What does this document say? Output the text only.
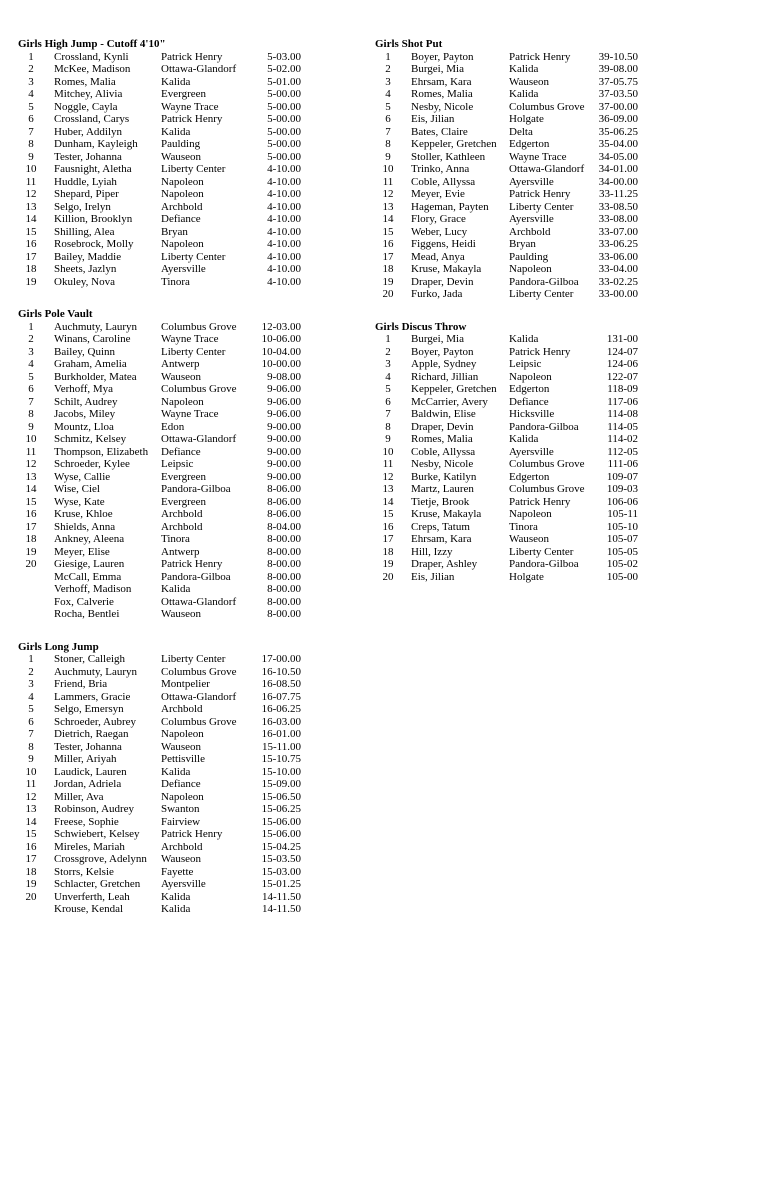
Girls High Jump - Cutoff 4'10"
1	Crossland, Kynli	Patrick Henry	5-03.00
2	McKee, Madison	Ottawa-Glandorf	5-02.00
3	Romes, Malia	Kalida	5-01.00
4	Mitchey, Alivia	Evergreen	5-00.00
5	Noggle, Cayla	Wayne Trace	5-00.00
6	Crossland, Carys	Patrick Henry	5-00.00
7	Huber, Addilyn	Kalida	5-00.00
8	Dunham, Kayleigh	Paulding	5-00.00
9	Tester, Johanna	Wauseon	5-00.00
10	Fausnight, Aletha	Liberty Center	4-10.00
11	Huddle, Lyiah	Napoleon	4-10.00
12	Shepard, Piper	Napoleon	4-10.00
13	Selgo, Irelyn	Archbold	4-10.00
14	Killion, Brooklyn	Defiance	4-10.00
15	Shilling, Alea	Bryan	4-10.00
16	Rosebrock, Molly	Napoleon	4-10.00
17	Bailey, Maddie	Liberty Center	4-10.00
18	Sheets, Jazlyn	Ayersville	4-10.00
19	Okuley, Nova	Tinora	4-10.00
Girls Pole Vault
1	Auchmuty, Lauryn	Columbus Grove	12-03.00
2	Winans, Caroline	Wayne Trace	10-06.00
3	Bailey, Quinn	Liberty Center	10-04.00
4	Graham, Amelia	Antwerp	10-00.00
5	Burkholder, Matea	Wauseon	9-08.00
6	Verhoff, Mya	Columbus Grove	9-06.00
7	Schilt, Audrey	Napoleon	9-06.00
8	Jacobs, Miley	Wayne Trace	9-06.00
9	Mountz, Lloa	Edon	9-00.00
10	Schmitz, Kelsey	Ottawa-Glandorf	9-00.00
11	Thompson, Elizabeth	Defiance	9-00.00
12	Schroeder, Kylee	Leipsic	9-00.00
13	Wyse, Callie	Evergreen	9-00.00
14	Wise, Ciel	Pandora-Gilboa	8-06.00
15	Wyse, Kate	Evergreen	8-06.00
16	Kruse, Khloe	Archbold	8-06.00
17	Shields, Anna	Archbold	8-04.00
18	Ankney, Aleena	Tinora	8-00.00
19	Meyer, Elise	Antwerp	8-00.00
20	Giesige, Lauren	Patrick Henry	8-00.00
	McCall, Emma	Pandora-Gilboa	8-00.00
	Verhoff, Madison	Kalida	8-00.00
	Fox, Calverie	Ottawa-Glandorf	8-00.00
	Rocha, Bentlei	Wauseon	8-00.00
Girls Long Jump
1	Stoner, Calleigh	Liberty Center	17-00.00
2	Auchmuty, Lauryn	Columbus Grove	16-10.50
3	Friend, Bria	Montpelier	16-08.50
4	Lammers, Gracie	Ottawa-Glandorf	16-07.75
5	Selgo, Emersyn	Archbold	16-06.25
6	Schroeder, Aubrey	Columbus Grove	16-03.00
7	Dietrich, Raegan	Napoleon	16-01.00
8	Tester, Johanna	Wauseon	15-11.00
9	Miller, Ariyah	Pettisville	15-10.75
10	Laudick, Lauren	Kalida	15-10.00
11	Jordan, Adriela	Defiance	15-09.00
12	Miller, Ava	Napoleon	15-06.50
13	Robinson, Audrey	Swanton	15-06.25
14	Freese, Sophie	Fairview	15-06.00
15	Schwiebert, Kelsey	Patrick Henry	15-06.00
16	Mireles, Mariah	Archbold	15-04.25
17	Crossgrove, Adelynn	Wauseon	15-03.50
18	Storrs, Kelsie	Fayette	15-03.00
19	Schlacter, Gretchen	Ayersville	15-01.25
20	Unverferth, Leah	Kalida	14-11.50
	Krouse, Kendal	Kalida	14-11.50
Girls Shot Put
1	Boyer, Payton	Patrick Henry	39-10.50
2	Burgei, Mia	Kalida	39-08.00
3	Ehrsam, Kara	Wauseon	37-05.75
4	Romes, Malia	Kalida	37-03.50
5	Nesby, Nicole	Columbus Grove	37-00.00
6	Eis, Jilian	Holgate	36-09.00
7	Bates, Claire	Delta	35-06.25
8	Keppeler, Gretchen	Edgerton	35-04.00
9	Stoller, Kathleen	Wayne Trace	34-05.00
10	Trinko, Anna	Ottawa-Glandorf	34-01.00
11	Coble, Allyssa	Ayersville	34-00.00
12	Meyer, Evie	Patrick Henry	33-11.25
13	Hageman, Payten	Liberty Center	33-08.50
14	Flory, Grace	Ayersville	33-08.00
15	Weber, Lucy	Archbold	33-07.00
16	Figgens, Heidi	Bryan	33-06.25
17	Mead, Anya	Paulding	33-06.00
18	Kruse, Makayla	Napoleon	33-04.00
19	Draper, Devin	Pandora-Gilboa	33-02.25
20	Furko, Jada	Liberty Center	33-00.00
Girls Discus Throw
1	Burgei, Mia	Kalida	131-00
2	Boyer, Payton	Patrick Henry	124-07
3	Apple, Sydney	Leipsic	124-06
4	Richard, Jillian	Napoleon	122-07
5	Keppeler, Gretchen	Edgerton	118-09
6	McCarrier, Avery	Defiance	117-06
7	Baldwin, Elise	Hicksville	114-08
8	Draper, Devin	Pandora-Gilboa	114-05
9	Romes, Malia	Kalida	114-02
10	Coble, Allyssa	Ayersville	112-05
11	Nesby, Nicole	Columbus Grove	111-06
12	Burke, Katilyn	Edgerton	109-07
13	Martz, Lauren	Columbus Grove	109-03
14	Tietje, Brook	Patrick Henry	106-06
15	Kruse, Makayla	Napoleon	105-11
16	Creps, Tatum	Tinora	105-10
17	Ehrsam, Kara	Wauseon	105-07
18	Hill, Izzy	Liberty Center	105-05
19	Draper, Ashley	Pandora-Gilboa	105-02
20	Eis, Jilian	Holgate	105-00
